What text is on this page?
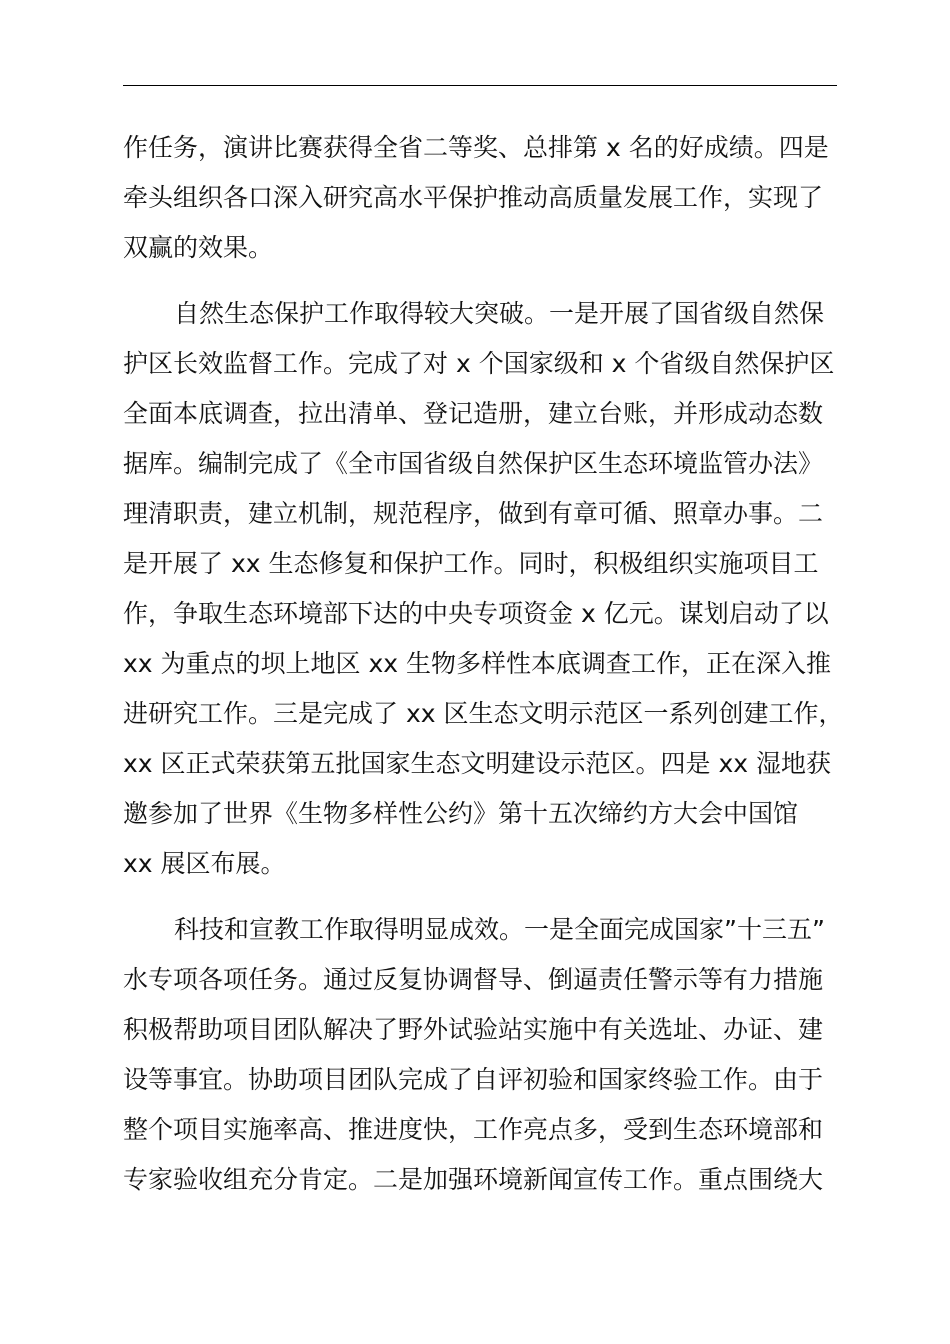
作任务，演讲比赛获得全省二等奖、总排第 x 名的好成绩。四是
牵头组织各口深入研究高水平保护推动高质量发展工作，实现了
双赢的效果。
自然生态保护工作取得较大突破。一是开展了国省级自然保
护区长效监督工作。完成了对 x 个国家级和 x 个省级自然保护区
全面本底调查，拉出清单、登记造册，建立台账，并形成动态数
据库。编制完成了《全市国省级自然保护区生态环境监管办法》
理清职责，建立机制，规范程序，做到有章可循、照章办事。二
是开展了 xx 生态修复和保护工作。同时，积极组织实施项目工
作，争取生态环境部下达的中央专项资金 x 亿元。谋划启动了以
xx 为重点的坝上地区 xx 生物多样性本底调查工作，正在深入推
进研究工作。三是完成了 xx 区生态文明示范区一系列创建工作，
xx 区正式荣获第五批国家生态文明建设示范区。四是 xx 湿地获
邀参加了世界《生物多样性公约》第十五次缔约方大会中国馆
xx 展区布展。
科技和宣教工作取得明显成效。一是全面完成国家”十三五”
水专项各项任务。通过反复协调督导、倒逼责任警示等有力措施
积极帮助项目团队解决了野外试验站实施中有关选址、办证、建
设等事宜。协助项目团队完成了自评初验和国家终验工作。由于
整个项目实施率高、推进度快，工作亮点多，受到生态环境部和
专家验收组充分肯定。二是加强环境新闻宣传工作。重点围绕大
